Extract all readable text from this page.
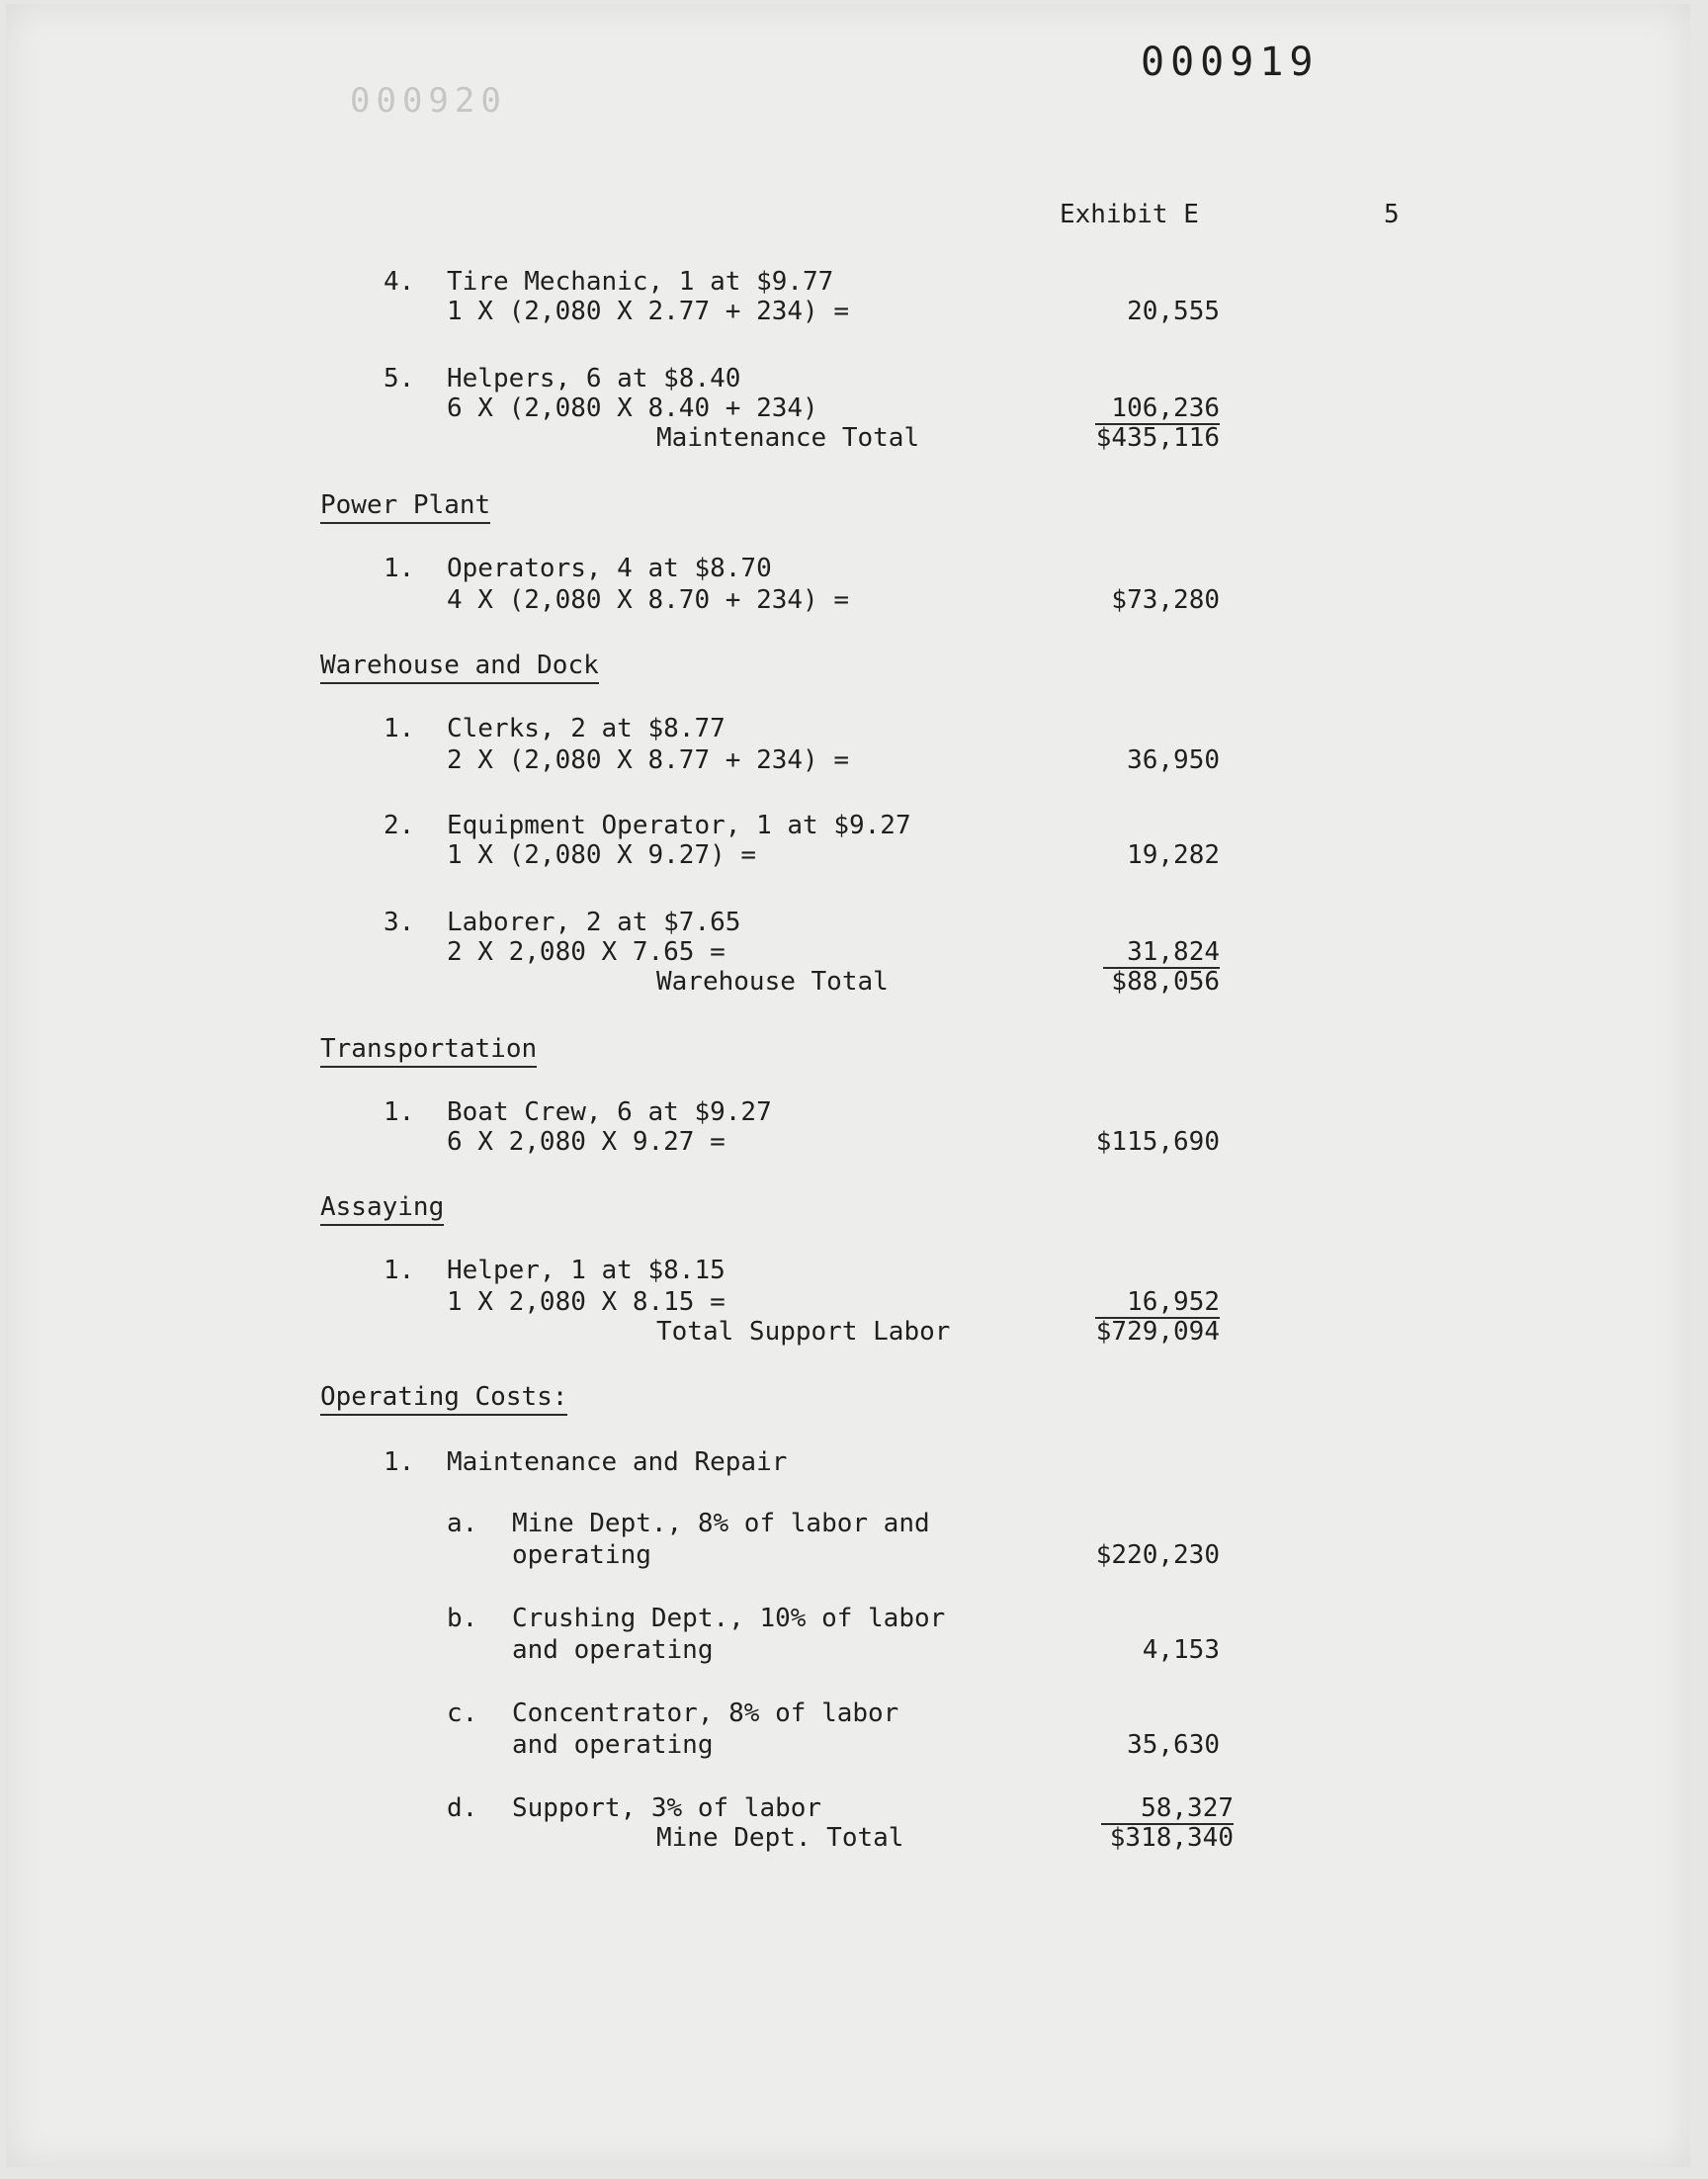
000919
000920
Exhibit E	5
4. Tire Mechanic, 1 at $9.77
1 X (2,080 X 2.77 + 234) =	20,555
5. Helpers, 6 at $8.40
6 X (2,080 X 8.40 + 234)	106,236
Maintenance Total	$435,116
Power Plant
1. Operators, 4 at $8.70
4 X (2,080 X 8.70 + 234) =	$73,280
Warehouse and Dock
1. Clerks, 2 at $8.77
2 X (2,080 X 8.77 + 234) =	36,950
2. Equipment Operator, 1 at $9.27
1 X (2,080 X 9.27) =	19,282
3. Laborer, 2 at $7.65
2 X 2,080 X 7.65 =	31,824
Warehouse Total	$88,056
Transportation
1. Boat Crew, 6 at $9.27
6 X 2,080 X 9.27 =	$115,690
Assaying
1. Helper, 1 at $8.15
1 X 2,080 X 8.15 =	16,952
Total Support Labor	$729,094
Operating Costs:
1. Maintenance and Repair
a. Mine Dept., 8% of labor and
operating	$220,230
b. Crushing Dept., 10% of labor
and operating	4,153
c. Concentrator, 8% of labor
and operating	35,630
d. Support, 3% of labor	58,327
Mine Dept. Total	$318,340
